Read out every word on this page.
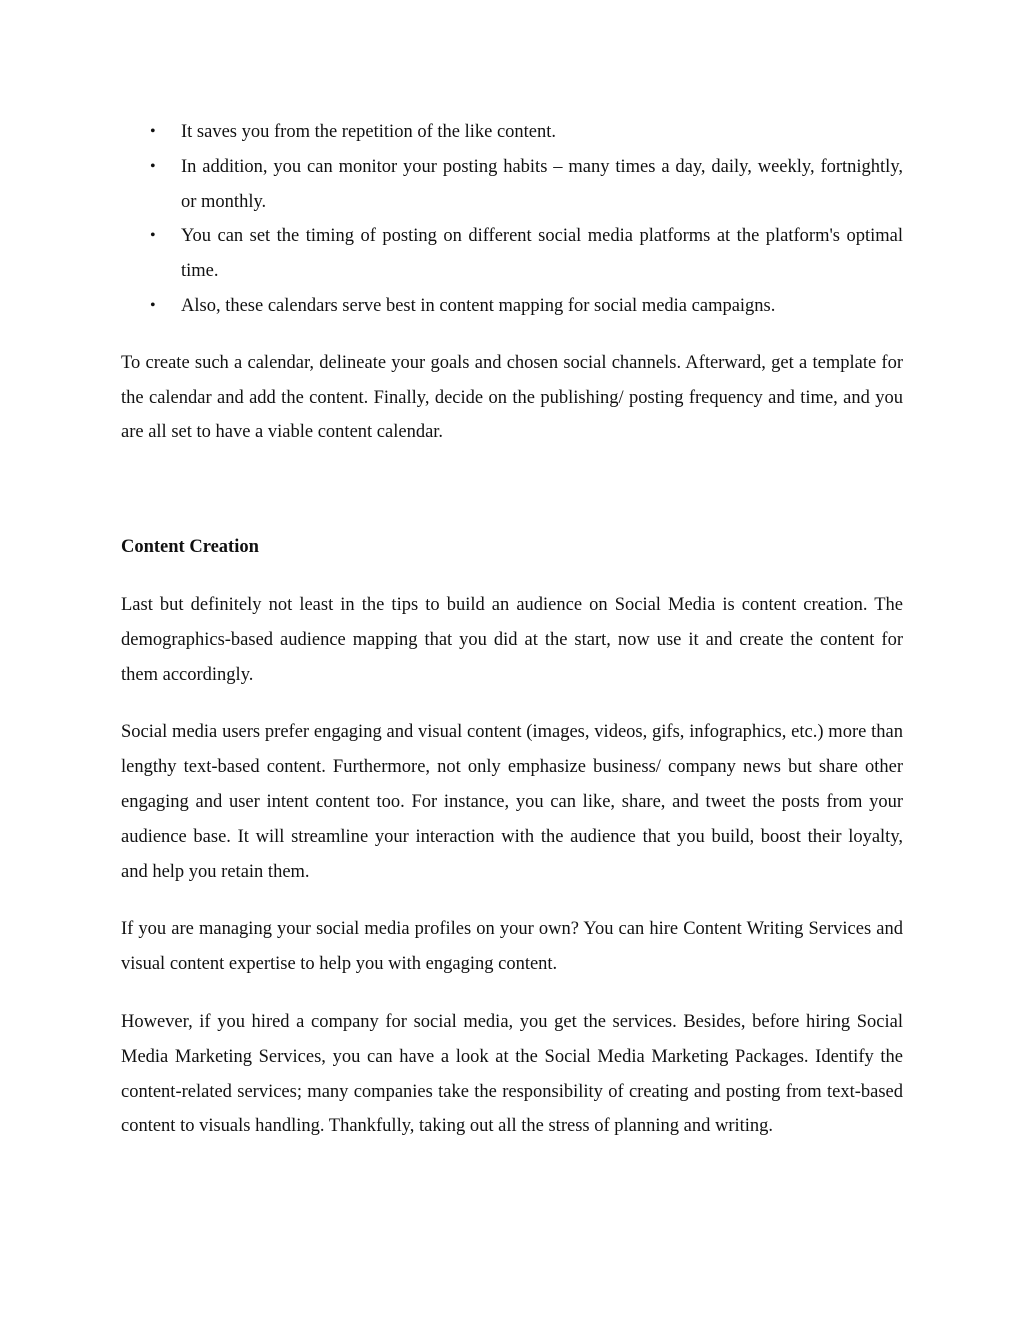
• It saves you from the repetition of the like content.
• In addition, you can monitor your posting habits – many times a day, daily, weekly, fortnightly, or monthly.
• You can set the timing of posting on different social media platforms at the platform's optimal time.
• Also, these calendars serve best in content mapping for social media campaigns.

To create such a calendar, delineate your goals and chosen social channels. Afterward, get a template for the calendar and add the content. Finally, decide on the publishing/ posting frequency and time, and you are all set to have a viable content calendar.

Content Creation

Last but definitely not least in the tips to build an audience on Social Media is content creation. The demographics-based audience mapping that you did at the start, now use it and create the content for them accordingly.

Social media users prefer engaging and visual content (images, videos, gifs, infographics, etc.) more than lengthy text-based content. Furthermore, not only emphasize business/ company news but share other engaging and user intent content too. For instance, you can like, share, and tweet the posts from your audience base. It will streamline your interaction with the audience that you build, boost their loyalty, and help you retain them.

If you are managing your social media profiles on your own? You can hire Content Writing Services and visual content expertise to help you with engaging content.

However, if you hired a company for social media, you get the services. Besides, before hiring Social Media Marketing Services, you can have a look at the Social Media Marketing Packages. Identify the content-related services; many companies take the responsibility of creating and posting from text-based content to visuals handling. Thankfully, taking out all the stress of planning and writing.
